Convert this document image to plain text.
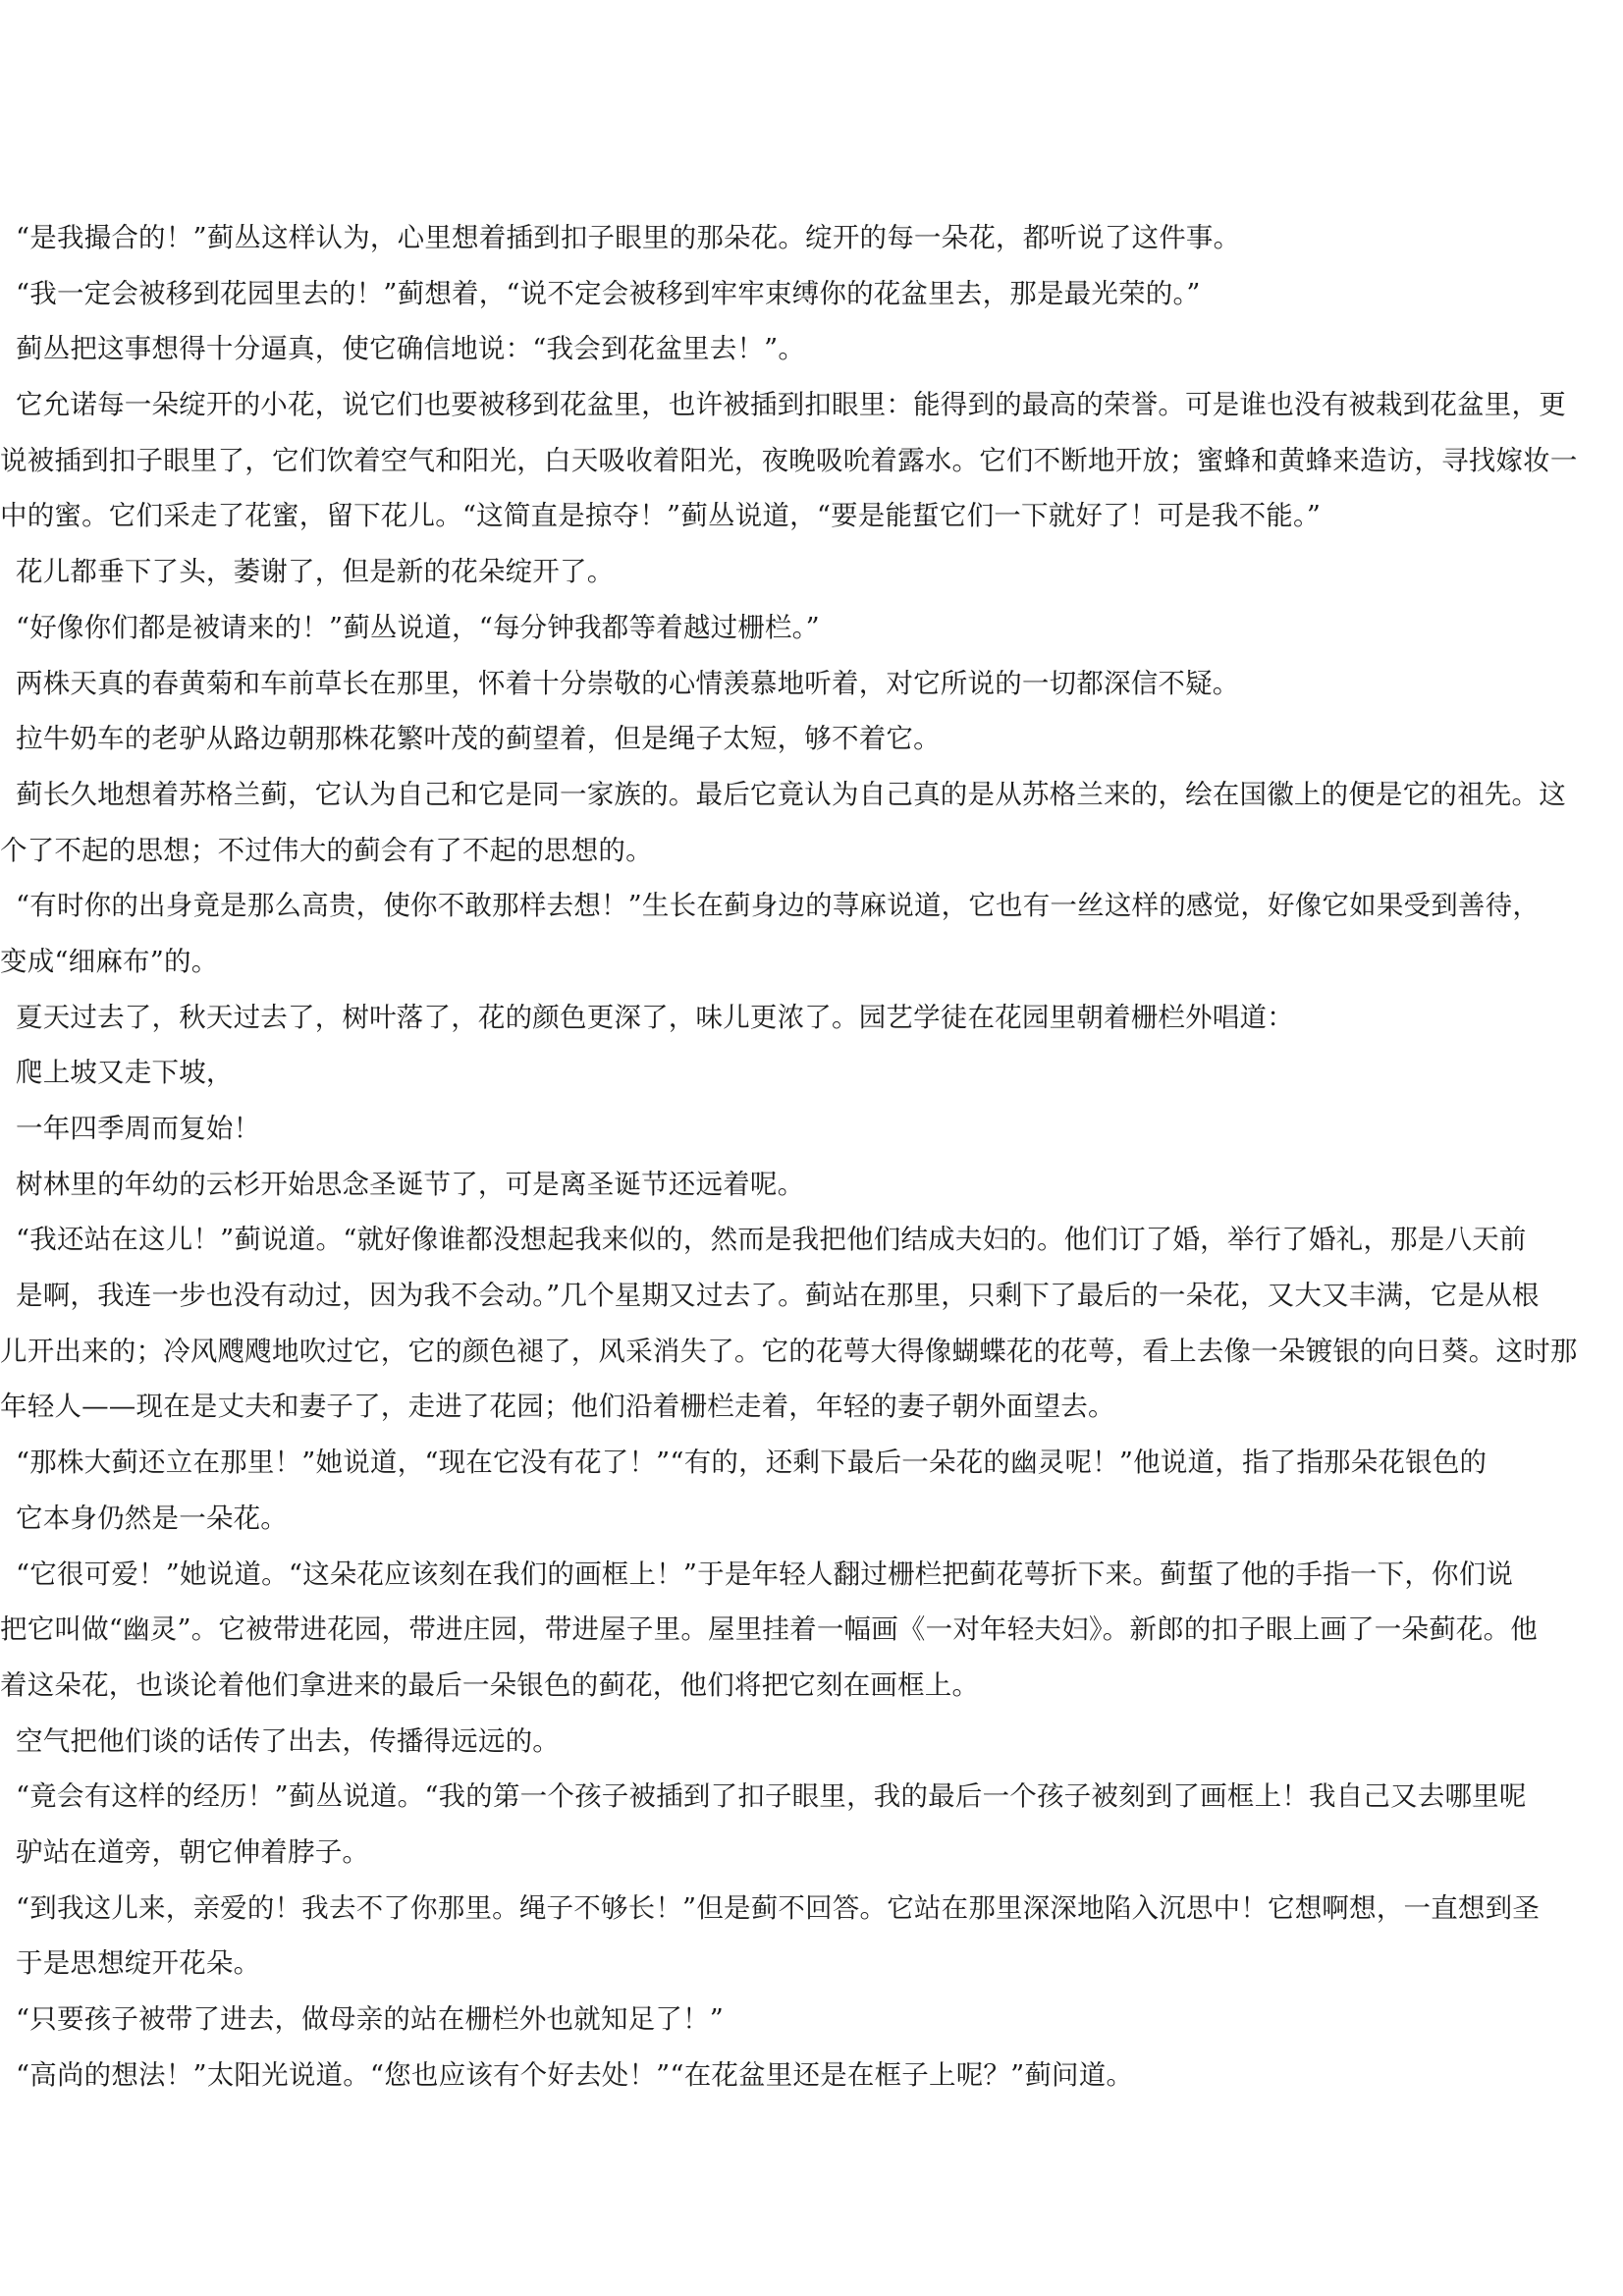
“是我撮合的！”蓟丛这样认为，心里想着插到扣子眼里的那朵花。绽开的每一朵花，都听说了这件事。
“我一定会被移到花园里去的！”蓟想着，“说不定会被移到牢牢束缚你的花盆里去，那是最光荣的。”
蓟丛把这事想得十分逼真，使它确信地说：“我会到花盆里去！”。
它允诺每一朵绽开的小花，说它们也要被移到花盆里，也许被插到扣眼里：能得到的最高的荣誉。可是谁也没有被栽到花盆里，更
说被插到扣子眼里了，它们饮着空气和阳光，白天吸收着阳光，夜晚吸吮着露水。它们不断地开放；蜜蜂和黄蜂来造访，寻找嫁妆一
中的蜜。它们采走了花蜜，留下花儿。“这简直是掠夺！”蓟丛说道，“要是能蜇它们一下就好了！可是我不能。”
花儿都垂下了头，萎谢了，但是新的花朵绽开了。
“好像你们都是被请来的！”蓟丛说道，“每分钟我都等着越过栅栏。”
两株天真的春黄菊和车前草长在那里，怀着十分崇敬的心情羡慕地听着，对它所说的一切都深信不疑。
拉牛奶车的老驴从路边朝那株花繁叶茂的蓟望着，但是绳子太短，够不着它。
蓟长久地想着苏格兰蓟，它认为自己和它是同一家族的。最后它竟认为自己真的是从苏格兰来的，绘在国徽上的便是它的祖先。这
个了不起的思想；不过伟大的蓟会有了不起的思想的。
“有时你的出身竟是那么高贵，使你不敢那样去想！”生长在蓟身边的荨麻说道，它也有一丝这样的感觉，好像它如果受到善待，
变成“细麻布”的。
夏天过去了，秋天过去了，树叶落了，花的颜色更深了，味儿更浓了。园艺学徒在花园里朝着栅栏外唱道：
爬上坡又走下坡，
一年四季周而复始！
树林里的年幼的云杉开始思念圣诞节了，可是离圣诞节还远着呢。
“我还站在这儿！”蓟说道。“就好像谁都没想起我来似的，然而是我把他们结成夫妇的。他们订了婚，举行了婚礼，那是八天前
是啊，我连一步也没有动过，因为我不会动。”几个星期又过去了。蓟站在那里，只剩下了最后的一朵花，又大又丰满，它是从根
儿开出来的；冷风飕飕地吹过它，它的颜色褪了，风采消失了。它的花萼大得像蝴蝶花的花萼，看上去像一朵镀银的向日葵。这时那
年轻人——现在是丈夫和妻子了，走进了花园；他们沿着栅栏走着，年轻的妻子朝外面望去。
“那株大蓟还立在那里！”她说道，“现在它没有花了！”“有的，还剩下最后一朵花的幽灵呢！”他说道，指了指那朵花银色的
它本身仍然是一朵花。
“它很可爱！”她说道。“这朵花应该刻在我们的画框上！”于是年轻人翻过栅栏把蓟花萼折下来。蓟蜇了他的手指一下，你们说
把它叫做“幽灵”。它被带进花园，带进庄园，带进屋子里。屋里挂着一幅画《一对年轻夫妇》。新郎的扣子眼上画了一朵蓟花。他
着这朵花，也谈论着他们拿进来的最后一朵银色的蓟花，他们将把它刻在画框上。
空气把他们谈的话传了出去，传播得远远的。
“竟会有这样的经历！”蓟丛说道。“我的第一个孩子被插到了扣子眼里，我的最后一个孩子被刻到了画框上！我自己又去哪里呢
驴站在道旁，朝它伸着脖子。
“到我这儿来，亲爱的！我去不了你那里。绳子不够长！”但是蓟不回答。它站在那里深深地陷入沉思中！它想啊想，一直想到圣
于是思想绽开花朵。
“只要孩子被带了进去，做母亲的站在栅栏外也就知足了！”
“高尚的想法！”太阳光说道。“您也应该有个好去处！”“在花盆里还是在框子上呢？”蓟问道。
